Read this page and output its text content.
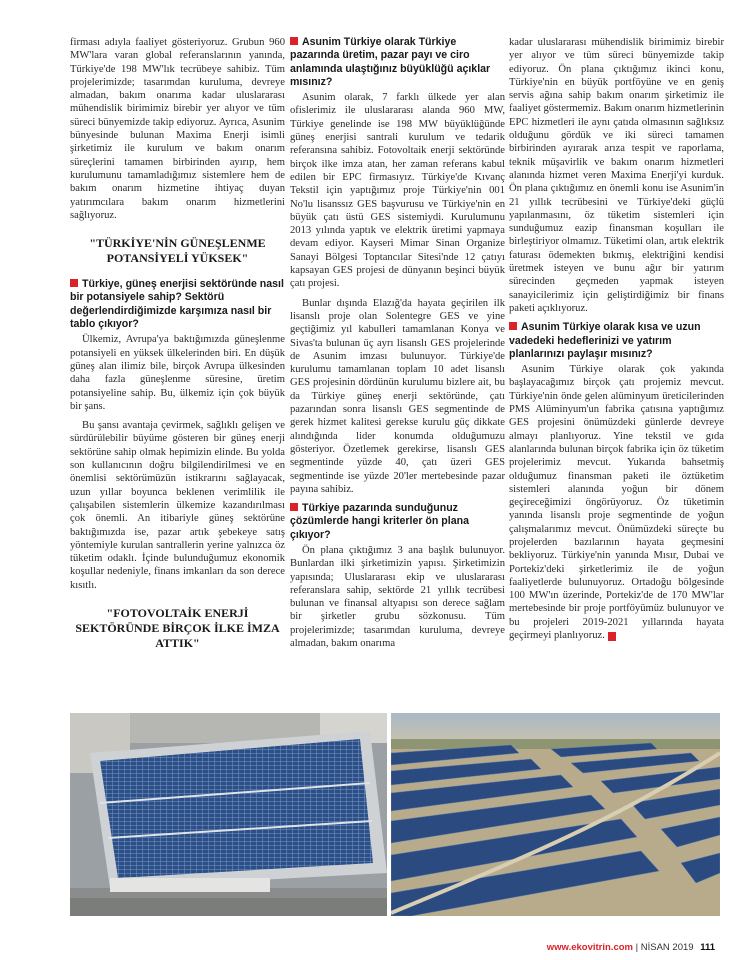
firması adıyla faaliyet gösteriyoruz. Grubun 960 MW'lara varan global referanslarının yanında, Türkiye'de 198 MW'lık tecrübeye sahibiz. Tüm projelerimizde; tasarımdan kuruluma, devreye almadan, bakım onarıma kadar uluslararası mühendislik birimimiz birebir yer alıyor ve tüm süreci bünyemizde takip ediyoruz. Ayrıca, Asunim bünyesinde bulunan Maxima Enerji isimli şirketimiz ile kurulum ve bakım onarım süreçlerini tamamen birbirinden ayırıp, hem kurulumunu tamamladığımız sistemlere hem de bakım onarım hizmetine ihtiyaç duyan yatırımcılara bakım onarım hizmetlerini sağlıyoruz.

"TÜRKİYE'NİN GÜNEŞLENME POTANSİYELİ YÜKSEK"
Türkiye, güneş enerjisi sektöründe nasıl bir potansiyele sahip? Sektörü değerlendirdiğimizde karşımıza nasıl bir tablo çıkıyor?

Ülkemiz, Avrupa'ya baktığımızda güneşlenme potansiyeli en yüksek ülkelerinden biri. En düşük güneş alan ilimiz bile, birçok Avrupa ülkesinden daha fazla güneşlenme süresine, üretim potansiyeline sahip. Bu, ülkemiz için çok büyük bir şans.

Bu şansı avantaja çevirmek, sağlıklı gelişen ve sürdürülebilir büyüme gösteren bir güneş enerji sektörüne sahip olmak hepimizin elinde. Bu yolda son kullanıcının doğru bilgilendirilmesi ve en önemlisi sektörümüzün istikrarını sağlayacak, uzun yıllar boyunca beklenen verimlilik ile çalışabilen sistemlerin ülkemize kazandırılması çok önemli. An itibariyle güneş sektörüne baktığımızda ise, pazar artık şebekeye satış yöntemiyle kurulan santrallerin yerine yalnızca öz tüketim odaklı. İçinde bulunduğumuz ekonomik koşullar nedeniyle, finans imkanları da son derece kısıtlı.

"FOTOVOLTAİK ENERJİ SEKTÖRÜNDE BİRÇOK İLKE İMZA ATTIK"
Asunim Türkiye olarak Türkiye pazarında üretim, pazar payı ve ciro anlamında ulaştığınız büyüklüğü açıklar mısınız?

Asunim olarak, 7 farklı ülkede yer alan ofislerimiz ile uluslararası alanda 960 MW, Türkiye genelinde ise 198 MW büyüklüğünde güneş enerjisi santrali kurulum ve tedarik referansına sahibiz. Fotovoltaik enerji sektöründe birçok ilke imza atan, her zaman referans kabul edilen bir EPC firmasıyız. Türkiye'de Kıvanç Tekstil için yaptığımız proje Türkiye'nin 001 No'lu lisanssız GES başvurusu ve Türkiye'nin en büyük çatı üstü GES sistemiydi. Kurulumunu 2013 yılında yaptık ve elektrik üretimi yapmaya devam ediyor. Kayseri Mimar Sinan Organize Sanayi Bölgesi Toptancılar Sitesi'nde 12 çatıyı kapsayan GES projesi de dünyanın beşinci büyük çatı projesi.

Bunlar dışında Elazığ'da hayata geçirilen ilk lisanslı proje olan Solentegre GES ve yine geçtiğimiz yıl kabulleri tamamlanan Konya ve Sivas'ta bulunan üç ayrı lisanslı GES projelerinde de Asunim imzası bulunuyor. Türkiye'de kurulumu tamamlanan toplam 10 adet lisanslı GES projesinin dördünün kurulumu bizlere ait, bu da Türkiye güneş enerji sektöründe, çatı pazarından sonra lisanslı GES segmentinde de gerek hizmet kalitesi gerekse kurulu güç dikkate alındığında lider konumda olduğumuzu gösteriyor. Özetlemek gerekirse, lisanslı GES segmentinde yüzde 40, çatı üzeri GES segmentinde ise yüzde 20'ler mertebesinde pazar payına sahibiz.

Türkiye pazarında sunduğunuz çözümlerde hangi kriterler ön plana çıkıyor?

Ön plana çıktığımız 3 ana başlık bulunuyor. Bunlardan ilki şirketimizin yapısı. Şirketimizin yapısında; Uluslararası ekip ve uluslararası referanslara sahip, sektörde 21 yıllık tecrübesi bulunan ve finansal altyapısı son derece sağlam bir şirketler grubu sözkonusu. Tüm projelerimizde; tasarımdan kuruluma, devreye almadan, bakım onarıma

kadar uluslararası mühendislik birimimiz birebir yer alıyor ve tüm süreci bünyemizde takip ediyoruz. Ön plana çıktığımız ikinci konu, Türkiye'nin en büyük portföyüne ve en geniş servis ağına sahip bakım onarım şirketimiz ile faaliyet göstermemiz. Bakım onarım hizmetlerinin EPC hizmetleri ile aynı çatıda olmasının sağlıksız olduğunu gördük ve iki süreci tamamen birbirinden ayırarak arıza tespit ve raporlama, teknik müşavirlik ve bakım onarım hizmetleri alanında hizmet veren Maxima Enerji'yi kurduk. Ön plana çıktığımız en önemli konu ise Asunim'in 21 yıllık tecrübesini ve Türkiye'deki güçlü yapılanmasını, öz tüketim sistemleri için sunduğumuz eazip finansman koşulları ile birleştiriyor olmamız. Tüketimi olan, artık elektrik faturası ödemekten bıkmış, elektriğini kendisi üretmek isteyen ve bunu ağır bir yatırım sürecinden geçmeden yapmak isteyen sanayicilerimiz için geliştirdiğimiz bir finans paketi açıklıyoruz.

Asunim Türkiye olarak kısa ve uzun vadedeki hedeflerinizi ve yatırım planlarınızı paylaşır mısınız?

Asunim Türkiye olarak çok yakında başlayacağımız birçok çatı projemiz mevcut. Türkiye'nin önde gelen alüminyum üreticilerinden PMS Alüminyum'un fabrika çatısına yaptığımız GES projesini önümüzdeki günlerde devreye almayı planlıyoruz. Yine tekstil ve gıda alanlarında bulunan birçok fabrika için öz tüketim projelerimiz mevcut. Yukarıda bahsetmiş olduğumuz finansman paketi ile öztüketim sistemleri alanında yoğun bir dönem geçireceğimizi öngörüyoruz. Öz tüketimin yanında lisanslı proje segmentinde de yoğun çalışmalarımız mevcut. Önümüzdeki süreçte bu projelerden bazılarının hayata geçmesini bekliyoruz. Türkiye'nin yanında Mısır, Dubai ve Portekiz'deki şirketlerimiz ile de yoğun faaliyetlerde bulunuyoruz. Ortadoğu bölgesinde 100 MW'ın üzerinde, Portekiz'de de 170 MW'lar mertebesinde bir proje portföyümüz bulunuyor ve bu projeleri 2019-2021 yıllarında hayata geçirmeyi planlıyoruz. E

www.ekovitrin.com | NİSAN 2019 111
